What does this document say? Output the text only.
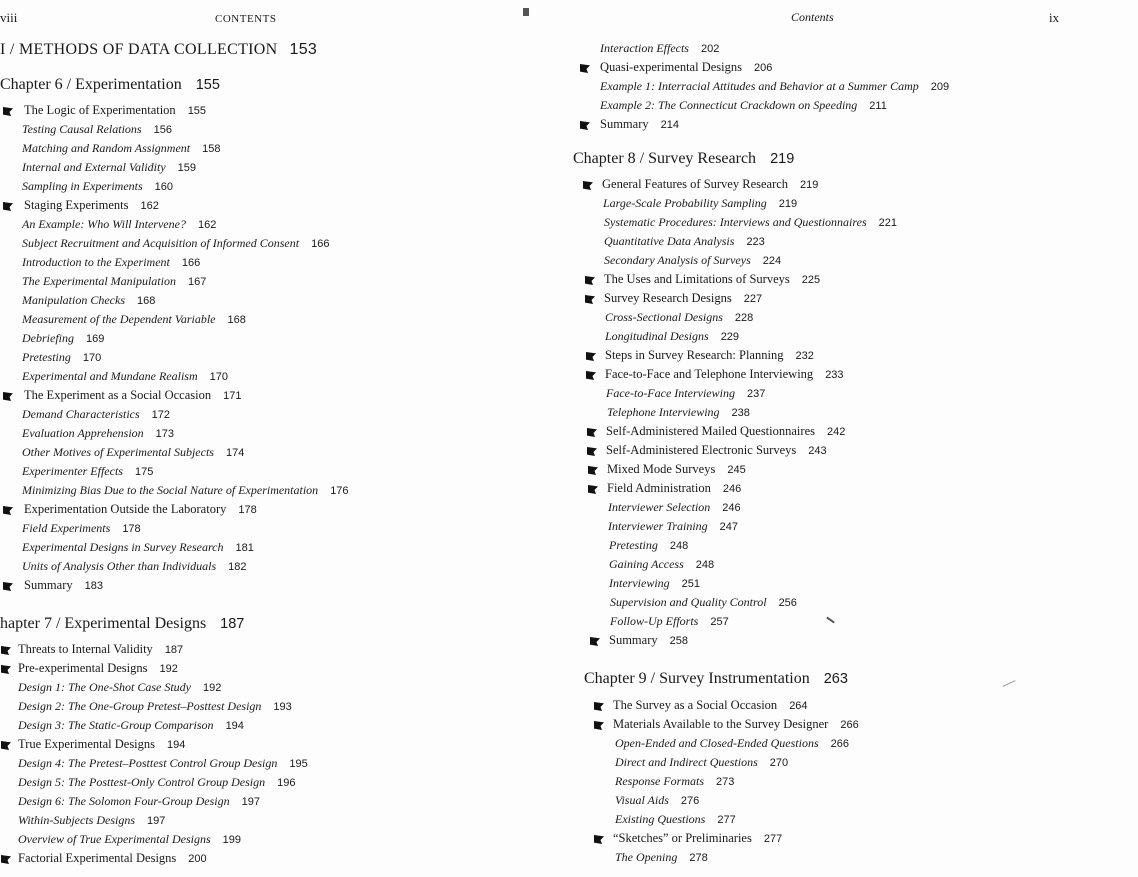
viii	CONTENTS
I / METHODS OF DATA COLLECTION 153
Chapter 6 / Experimentation 155
The Logic of Experimentation 155
Testing Causal Relations 156
Matching and Random Assignment 158
Internal and External Validity 159
Sampling in Experiments 160
Staging Experiments 162
An Example: Who Will Intervene? 162
Subject Recruitment and Acquisition of Informed Consent 166
Introduction to the Experiment 166
The Experimental Manipulation 167
Manipulation Checks 168
Measurement of the Dependent Variable 168
Debriefing 169
Pretesting 170
Experimental and Mundane Realism 170
The Experiment as a Social Occasion 171
Demand Characteristics 172
Evaluation Apprehension 173
Other Motives of Experimental Subjects 174
Experimenter Effects 175
Minimizing Bias Due to the Social Nature of Experimentation 176
Experimentation Outside the Laboratory 178
Field Experiments 178
Experimental Designs in Survey Research 181
Units of Analysis Other than Individuals 182
Summary 183
hapter 7 / Experimental Designs 187
Threats to Internal Validity 187
Pre-experimental Designs 192
Design 1: The One-Shot Case Study 192
Design 2: The One-Group Pretest–Posttest Design 193
Design 3: The Static-Group Comparison 194
True Experimental Designs 194
Design 4: The Pretest–Posttest Control Group Design 195
Design 5: The Posttest-Only Control Group Design 196
Design 6: The Solomon Four-Group Design 197
Within-Subjects Designs 197
Overview of True Experimental Designs 199
Factorial Experimental Designs 200
Contents	ix
Interaction Effects 202
Quasi-experimental Designs 206
Example 1: Interracial Attitudes and Behavior at a Summer Camp 209
Example 2: The Connecticut Crackdown on Speeding 211
Summary 214
Chapter 8 / Survey Research 219
General Features of Survey Research 219
Large-Scale Probability Sampling 219
Systematic Procedures: Interviews and Questionnaires 221
Quantitative Data Analysis 223
Secondary Analysis of Surveys 224
The Uses and Limitations of Surveys 225
Survey Research Designs 227
Cross-Sectional Designs 228
Longitudinal Designs 229
Steps in Survey Research: Planning 232
Face-to-Face and Telephone Interviewing 233
Face-to-Face Interviewing 237
Telephone Interviewing 238
Self-Administered Mailed Questionnaires 242
Self-Administered Electronic Surveys 243
Mixed Mode Surveys 245
Field Administration 246
Interviewer Selection 246
Interviewer Training 247
Pretesting 248
Gaining Access 248
Interviewing 251
Supervision and Quality Control 256
Follow-Up Efforts 257
Summary 258
Chapter 9 / Survey Instrumentation 263
The Survey as a Social Occasion 264
Materials Available to the Survey Designer 266
Open-Ended and Closed-Ended Questions 266
Direct and Indirect Questions 270
Response Formats 273
Visual Aids 276
Existing Questions 277
“Sketches” or Preliminaries 277
The Opening 278
